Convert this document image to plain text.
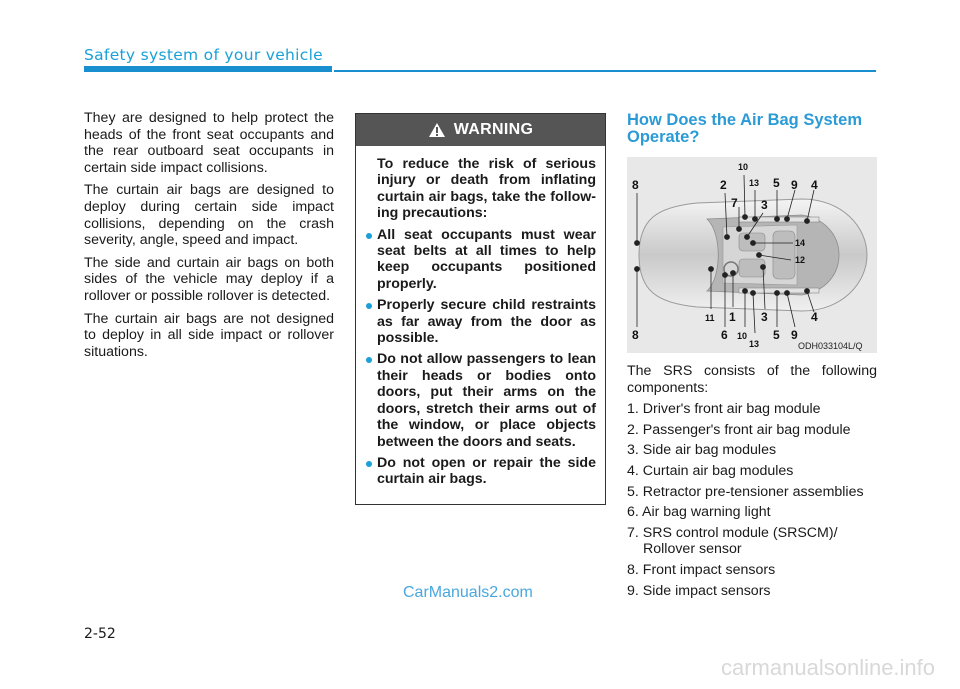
Safety system of your vehicle

They are designed to help protect the heads of the front seat occupants and the rear outboard seat occupants in certain side impact collisions.

The curtain air bags are designed to deploy during certain side impact collisions, depending on the crash severity, angle, speed and impact.

The side and curtain air bags on both sides of the vehicle may deploy if a rollover or possible rollover is detected.

The curtain air bags are not designed to deploy in all side impact or rollover situations.

WARNING
To reduce the risk of serious injury or death from inflating curtain air bags, take the follow-ing precautions:
All seat occupants must wear seat belts at all times to help keep occupants positioned properly.
Properly secure child restraints as far away from the door as possible.
Do not allow passengers to lean their heads or bodies onto doors, put their arms on the doors, stretch their arms out of the window, or place objects between the doors and seats.
Do not open or repair the side curtain air bags.
How Does the Air Bag System Operate?
8	2
10
13 5 9 4
7 3
14
12
8
11 1
6 10
13
3
5 9
4
ODH033104L/Q
The SRS consists of the following components:
1. Driver's front air bag module
2. Passenger's front air bag module
3. Side air bag modules
4. Curtain air bag modules
5. Retractor pre-tensioner assemblies
6. Air bag warning light
7. SRS control module (SRSCM)/
Rollover sensor
8. Front impact sensors
9. Side impact sensors
CarManuals2.com
2-52
carmanualsonline.info
